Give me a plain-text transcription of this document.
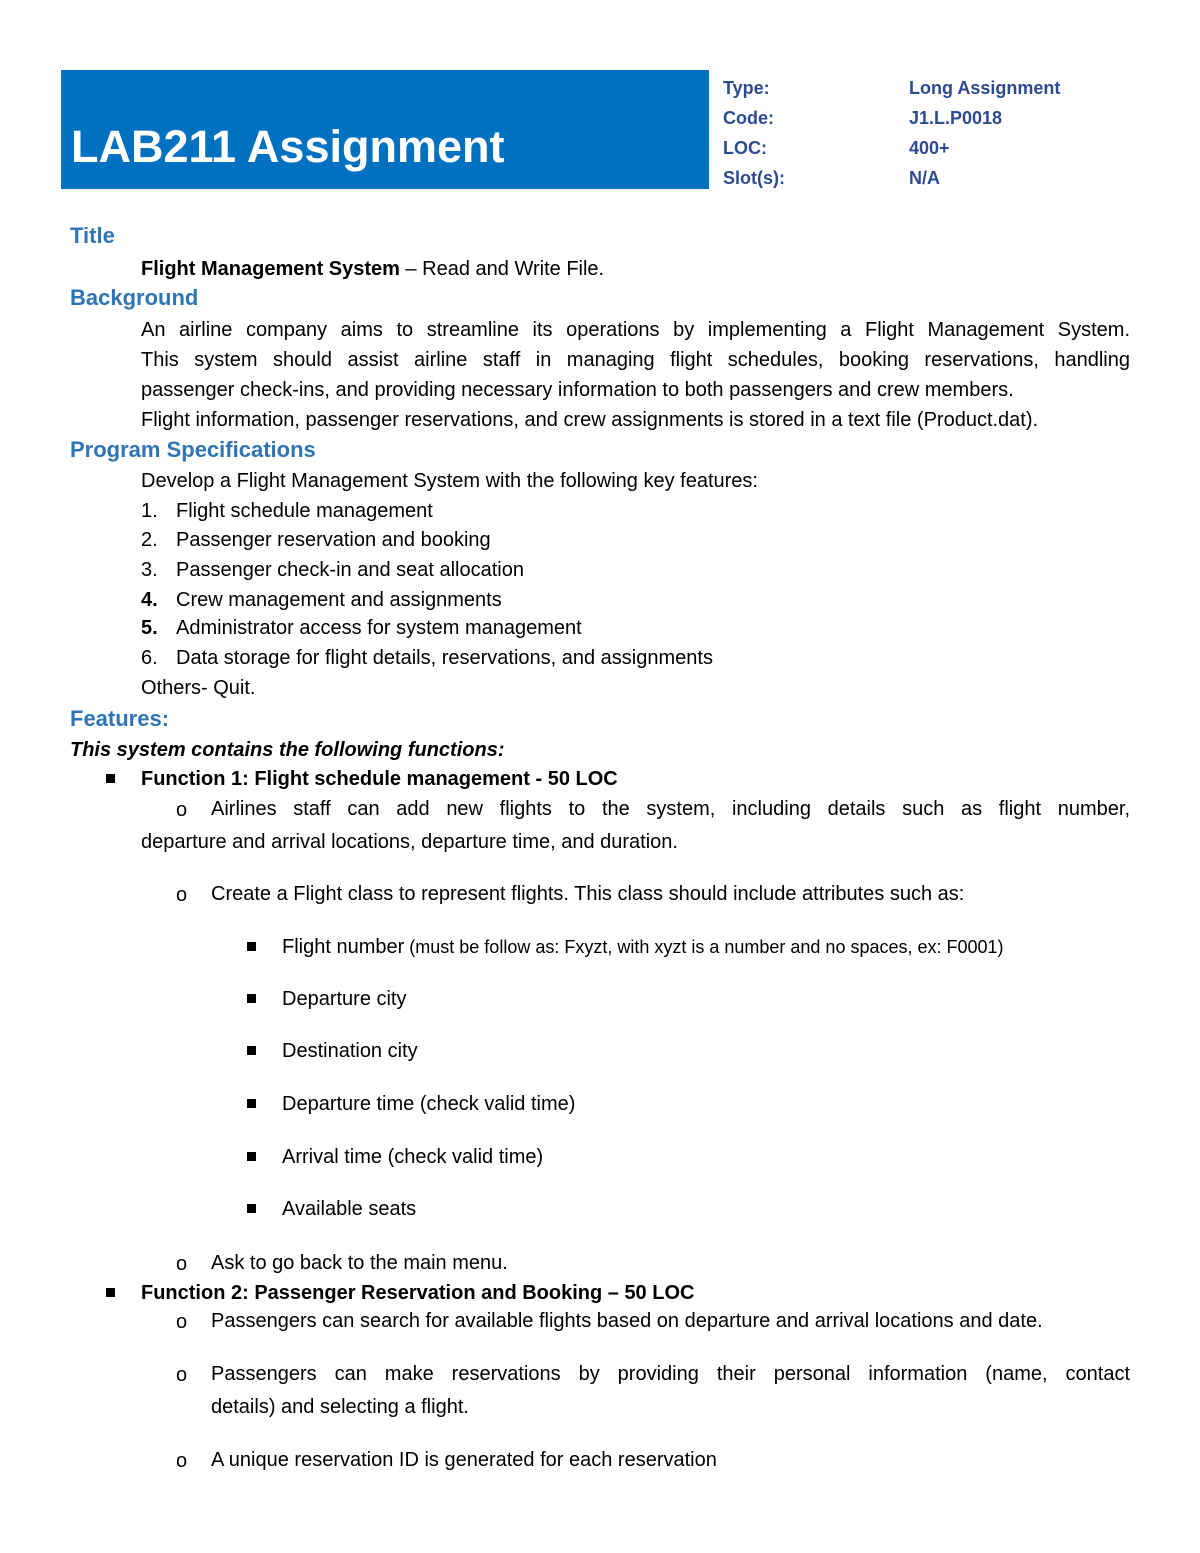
LAB211 Assignment
Type:	Long Assignment
Code:	J1.L.P0018
LOC:	400+
Slot(s):	N/A
Title
Flight Management System – Read and Write File.
Background
An airline company aims to streamline its operations by implementing a Flight Management System.
This system should assist airline staff in managing flight schedules, booking reservations, handling
passenger check-ins, and providing necessary information to both passengers and crew members.
Flight information, passenger reservations, and crew assignments is stored in a text file (Product.dat).
Program Specifications
Develop a Flight Management System with the following key features:
1. Flight schedule management
2. Passenger reservation and booking
3. Passenger check-in and seat allocation
4. Crew management and assignments
5. Administrator access for system management
6. Data storage for flight details, reservations, and assignments
Others- Quit.
Features:
This system contains the following functions:
Function 1: Flight schedule management - 50 LOC
o Airlines staff can add new flights to the system, including details such as flight number,
departure and arrival locations, departure time, and duration.
o Create a Flight class to represent flights. This class should include attributes such as:
Flight number (must be follow as: Fxyzt, with xyzt is a number and no spaces, ex: F0001)
Departure city
Destination city
Departure time (check valid time)
Arrival time (check valid time)
Available seats
o Ask to go back to the main menu.
Function 2: Passenger Reservation and Booking – 50 LOC
o Passengers can search for available flights based on departure and arrival locations and date.
o Passengers can make reservations by providing their personal information (name, contact
details) and selecting a flight.
o A unique reservation ID is generated for each reservation
